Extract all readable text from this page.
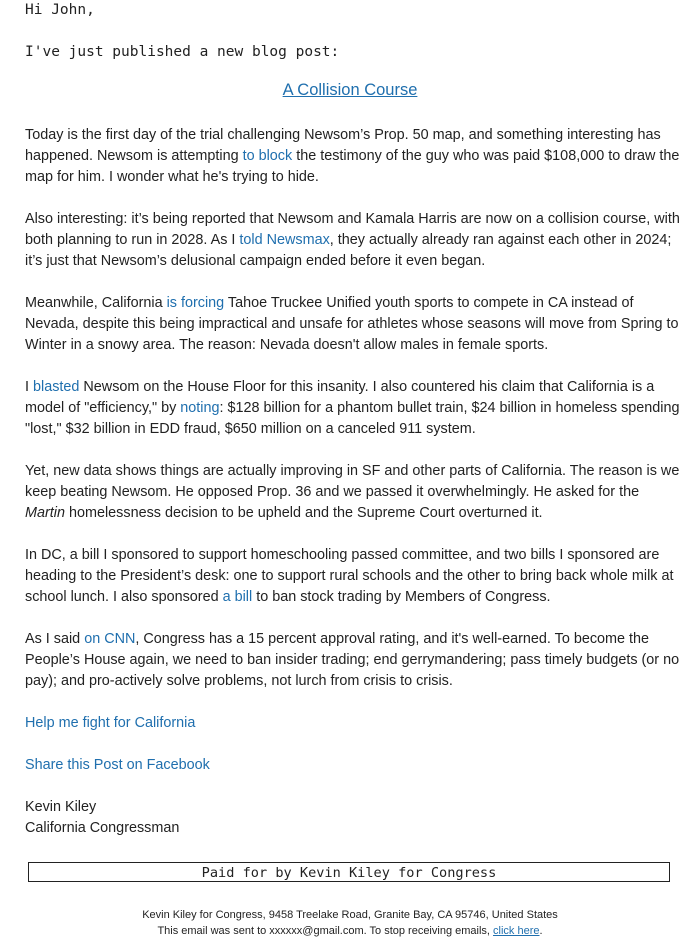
Hi John,
I've just published a new blog post:
A Collision Course

Today is the first day of the trial challenging Newsom’s Prop. 50 map, and something interesting has happened. Newsom is attempting to block the testimony of the guy who was paid $108,000 to draw the map for him. I wonder what he's trying to hide.

Also interesting: it’s being reported that Newsom and Kamala Harris are now on a collision course, with both planning to run in 2028. As I told Newsmax, they actually already ran against each other in 2024; it’s just that Newsom’s delusional campaign ended before it even began.

Meanwhile, California is forcing Tahoe Truckee Unified youth sports to compete in CA instead of Nevada, despite this being impractical and unsafe for athletes whose seasons will move from Spring to Winter in a snowy area. The reason: Nevada doesn't allow males in female sports.

I blasted Newsom on the House Floor for this insanity. I also countered his claim that California is a model of "efficiency," by noting: $128 billion for a phantom bullet train, $24 billion in homeless spending "lost," $32 billion in EDD fraud, $650 million on a canceled 911 system.

Yet, new data shows things are actually improving in SF and other parts of California. The reason is we keep beating Newsom. He opposed Prop. 36 and we passed it overwhelmingly. He asked for the Martin homelessness decision to be upheld and the Supreme Court overturned it.

In DC, a bill I sponsored to support homeschooling passed committee, and two bills I sponsored are heading to the President’s desk: one to support rural schools and the other to bring back whole milk at school lunch. I also sponsored a bill to ban stock trading by Members of Congress.

As I said on CNN, Congress has a 15 percent approval rating, and it's well-earned. To become the People’s House again, we need to ban insider trading; end gerrymandering; pass timely budgets (or no pay); and pro-actively solve problems, not lurch from crisis to crisis.

Help me fight for California

Share this Post on Facebook

Kevin Kiley

California Congressman

Paid for by Kevin Kiley for Congress
Kevin Kiley for Congress, 9458 Treelake Road, Granite Bay, CA 95746, United States
This email was sent to xxxxxx@gmail.com. To stop receiving emails, click here.
